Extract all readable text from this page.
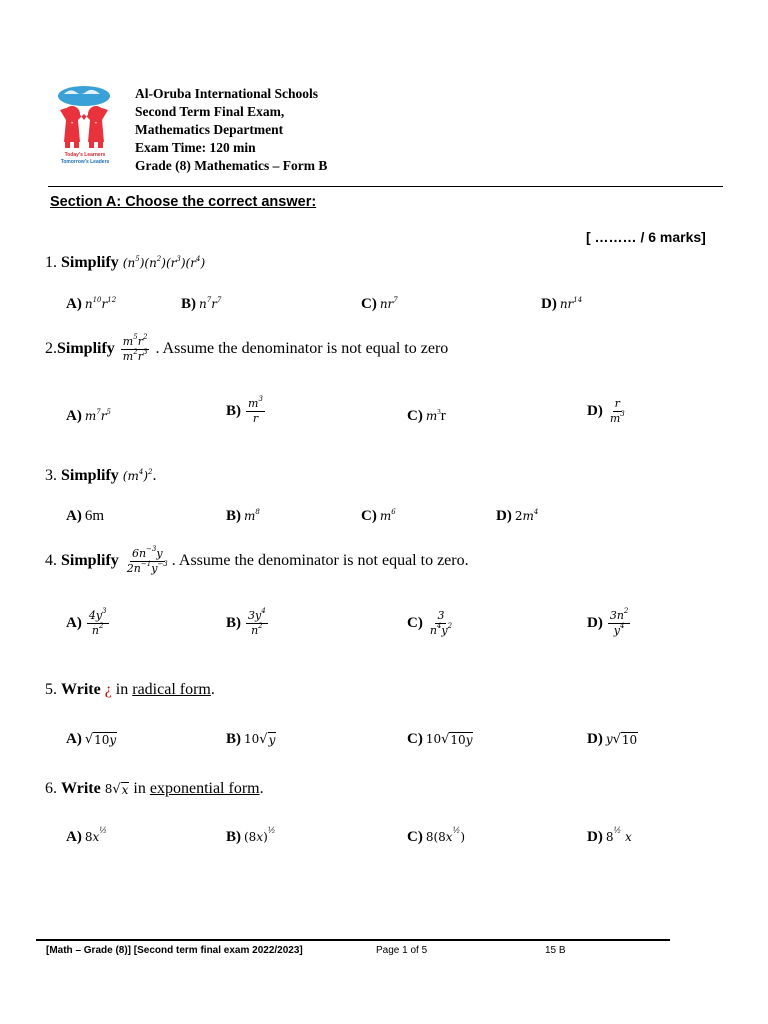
Today's Learners
Tomorrow's Leaders
Al-Oruba International Schools
Second Term Final Exam,
Mathematics Department
Exam Time: 120 min
Grade (8) Mathematics – Form B
Section A: Choose the correct answer:
[ ……… / 6 marks]
1. Simplify $(n^5)(n^2)(r^3)(r^4)$
A) $n^{10}r^{12}$	B) $n^7r^7$	C) $nr^7$	D) $nr^{14}$
2.Simplify $\frac{m^5r^2}{m^2r^3}$ . Assume the denominator is not equal to zero
A) $m^7r^5$	$B) \frac{m^3}{r}$	C) $m^3r$	$D) \frac{r}{m^3}$
3. Simplify $(m^4)^2$.
A) 6m	B) $m^8$	C) $m^6$	D) $2m^4$
4. Simplify $\frac{6n^{-3}y}{2n^{-1}y^{-3}}$ . Assume the denominator is not equal to zero.
$A) \frac{4y^3}{n^2}$	$B) \frac{3y^4}{n^2}$	$C) \frac{3}{n^4y^2}$	$D) \frac{3n^2}{y^4}$
5. Write ¿ in radical form.
A) √ 10y	B) 10 √ y	C) 10 √ 10y	D) y √ 10
6. Write 8 √ x in exponential form.
A) $8x^{\frac{1}{2}}$	B) $(8x)^{\frac{1}{2}}$	C) $8(8x^{\frac{1}{2}})$	D) $8^{\frac{1}{2}}$ x
[Math – Grade (8)] [Second term final exam 2022/2023]	Page 1 of 5	15 B
